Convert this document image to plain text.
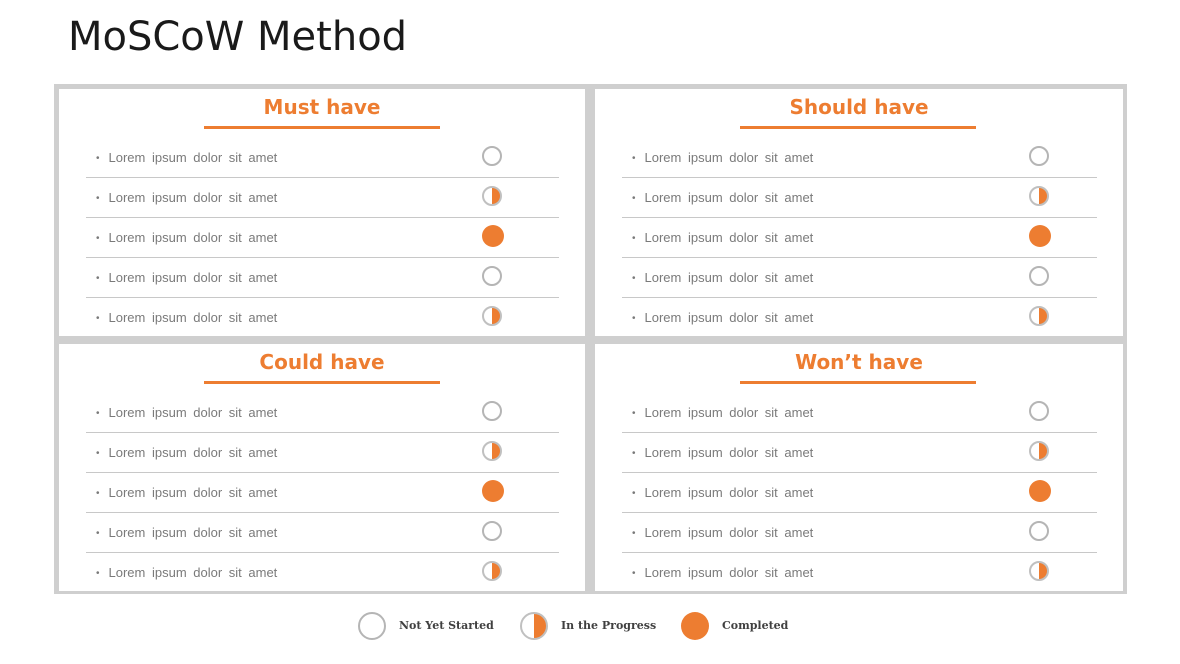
MoSCoW Method
Must have
• Lorem ipsum dolor sit amet
• Lorem ipsum dolor sit amet
• Lorem ipsum dolor sit amet
• Lorem ipsum dolor sit amet
• Lorem ipsum dolor sit amet
Should have
• Lorem ipsum dolor sit amet
• Lorem ipsum dolor sit amet
• Lorem ipsum dolor sit amet
• Lorem ipsum dolor sit amet
• Lorem ipsum dolor sit amet
Could have
• Lorem ipsum dolor sit amet
• Lorem ipsum dolor sit amet
• Lorem ipsum dolor sit amet
• Lorem ipsum dolor sit amet
• Lorem ipsum dolor sit amet
Won’t have
• Lorem ipsum dolor sit amet
• Lorem ipsum dolor sit amet
• Lorem ipsum dolor sit amet
• Lorem ipsum dolor sit amet
• Lorem ipsum dolor sit amet
Not Yet Started	In the Progress	Completed
